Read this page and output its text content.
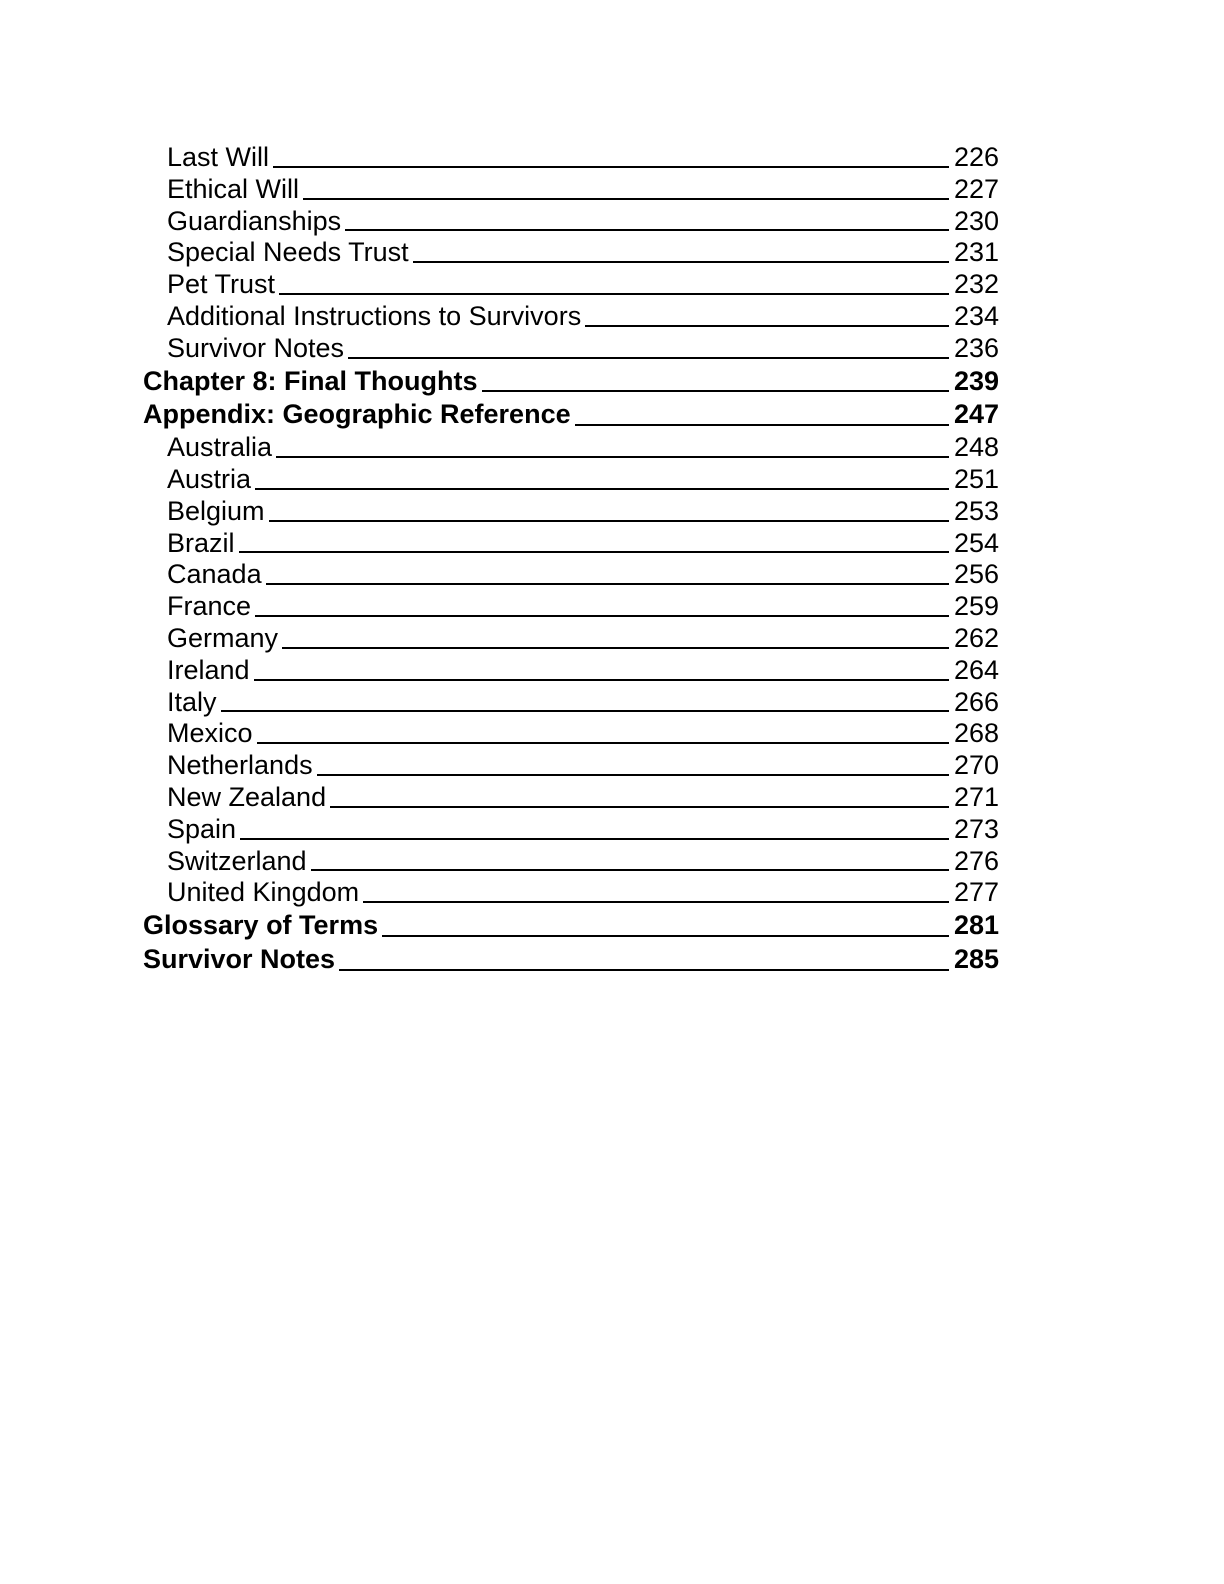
Last Will	226
Ethical Will	227
Guardianships	230
Special Needs Trust	231
Pet Trust	232
Additional Instructions to Survivors	234
Survivor Notes	236
Chapter 8: Final Thoughts	239
Appendix: Geographic Reference	247
Australia	248
Austria	251
Belgium	253
Brazil	254
Canada	256
France	259
Germany	262
Ireland	264
Italy	266
Mexico	268
Netherlands	270
New Zealand	271
Spain	273
Switzerland	276
United Kingdom	277
Glossary of Terms	281
Survivor Notes	285
